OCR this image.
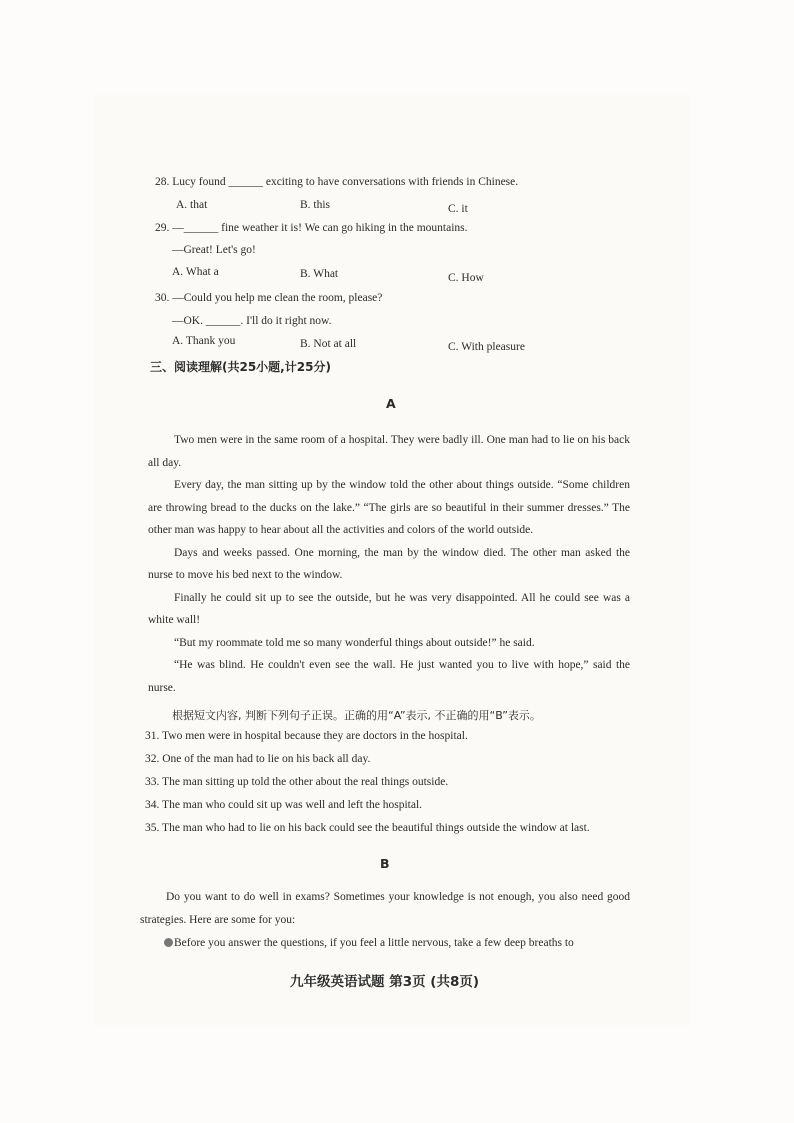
28. Lucy found ______ exciting to have conversations with friends in Chinese.
A. that	B. this	C. it
29. —______ fine weather it is! We can go hiking in the mountains.
—Great! Let's go!
A. What a	B. What	C. How
30. —Could you help me clean the room, please?
—OK. ______. I'll do it right now.
A. Thank you	B. Not at all	C. With pleasure
三、阅读理解(共25小题,计25分)
A

Two men were in the same room of a hospital. They were badly ill. One man had to lie on his back all day.

Every day, the man sitting up by the window told the other about things outside. “Some children are throwing bread to the ducks on the lake.” “The girls are so beautiful in their summer dresses.” The other man was happy to hear about all the activities and colors of the world outside.

Days and weeks passed. One morning, the man by the window died. The other man asked the nurse to move his bed next to the window.

Finally he could sit up to see the outside, but he was very disappointed. All he could see was a white wall!

“But my roommate told me so many wonderful things about outside!” he said.

“He was blind. He couldn't even see the wall. He just wanted you to live with hope,” said the nurse.

根据短文内容, 判断下列句子正误。正确的用“A”表示, 不正确的用“B”表示。
31. Two men were in hospital because they are doctors in the hospital.
32. One of the man had to lie on his back all day.
33. The man sitting up told the other about the real things outside.
34. The man who could sit up was well and left the hospital.
35. The man who had to lie on his back could see the beautiful things outside the window at last.
B

Do you want to do well in exams? Sometimes your knowledge is not enough, you also need good strategies. Here are some for you:

Before you answer the questions, if you feel a little nervous, take a few deep breaths to
九年级英语试题 第3页 (共8页)
